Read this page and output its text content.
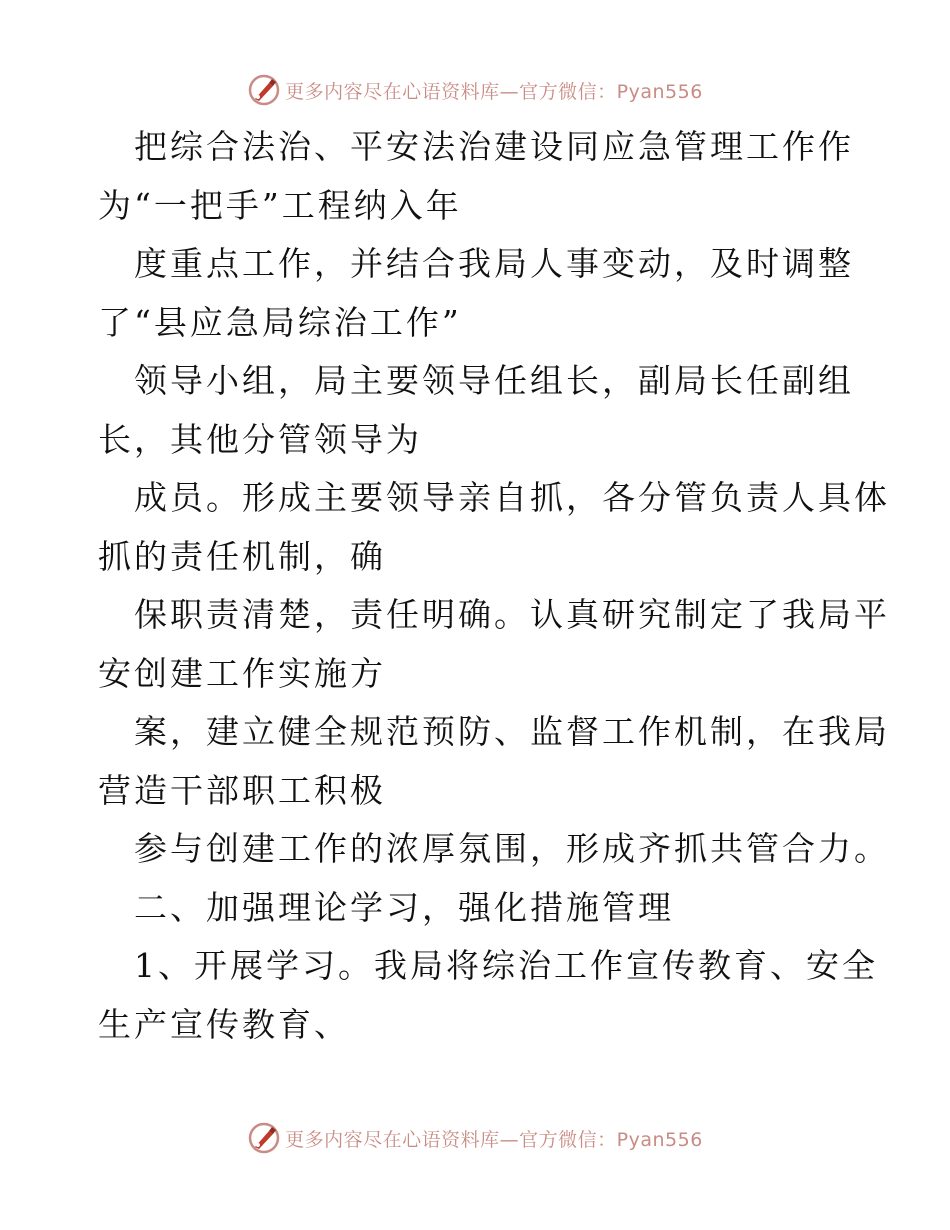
更多内容尽在心语资料库—官方微信：Pyan556
把综合法治、平安法治建设同应急管理工作作
为“一把手”工程纳入年
度重点工作，并结合我局人事变动，及时调整
了“县应急局综治工作”
领导小组，局主要领导任组长，副局长任副组
长，其他分管领导为
成员。形成主要领导亲自抓，各分管负责人具体
抓的责任机制，确
保职责清楚，责任明确。认真研究制定了我局平
安创建工作实施方
案，建立健全规范预防、监督工作机制，在我局
营造干部职工积极
参与创建工作的浓厚氛围，形成齐抓共管合力。
二、加强理论学习，强化措施管理
1、开展学习。我局将综治工作宣传教育、安全
生产宣传教育、
更多内容尽在心语资料库—官方微信：Pyan556
